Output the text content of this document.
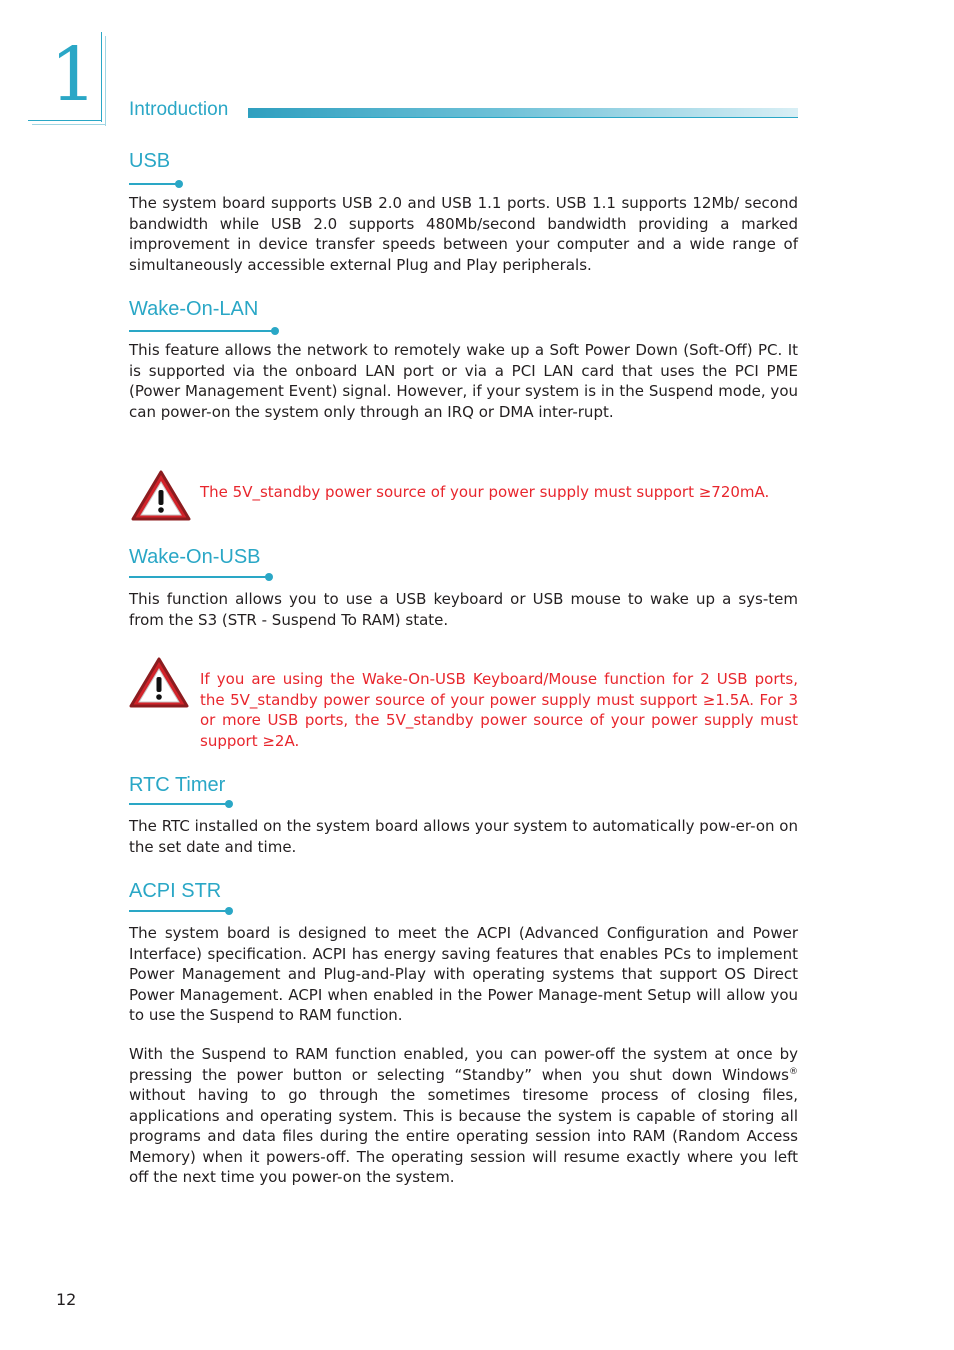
1 Introduction
USB

The system board supports USB 2.0 and USB 1.1 ports. USB 1.1 supports 12Mb/ second bandwidth while USB 2.0 supports 480Mb/second bandwidth providing a marked improvement in device transfer speeds between your computer and a wide range of simultaneously accessible external Plug and Play peripherals.

Wake-On-LAN

This feature allows the network to remotely wake up a Soft Power Down (Soft-Off) PC. It is supported via the onboard LAN port or via a PCI LAN card that uses the PCI PME (Power Management Event) signal. However, if your system is in the Suspend mode, you can power-on the system only through an IRQ or DMA inter-rupt.

The 5V_standby power source of your power supply must support ≥720mA.

Wake-On-USB

This function allows you to use a USB keyboard or USB mouse to wake up a sys-tem from the S3 (STR - Suspend To RAM) state.

If you are using the Wake-On-USB Keyboard/Mouse function for 2 USB ports, the 5V_standby power source of your power supply must support ≥1.5A. For 3 or more USB ports, the 5V_standby power source of your power supply must support ≥2A.

RTC Timer

The RTC installed on the system board allows your system to automatically pow-er-on on the set date and time.

ACPI STR

The system board is designed to meet the ACPI (Advanced Configuration and Power Interface) specification. ACPI has energy saving features that enables PCs to implement Power Management and Plug-and-Play with operating systems that support OS Direct Power Management. ACPI when enabled in the Power Manage-ment Setup will allow you to use the Suspend to RAM function.

With the Suspend to RAM function enabled, you can power-off the system at once by pressing the power button or selecting “Standby” when you shut down Windows® without having to go through the sometimes tiresome process of closing files, applications and operating system. This is because the system is capable of storing all programs and data files during the entire operating session into RAM (Random Access Memory) when it powers-off. The operating session will resume exactly where you left off the next time you power-on the system.

12
